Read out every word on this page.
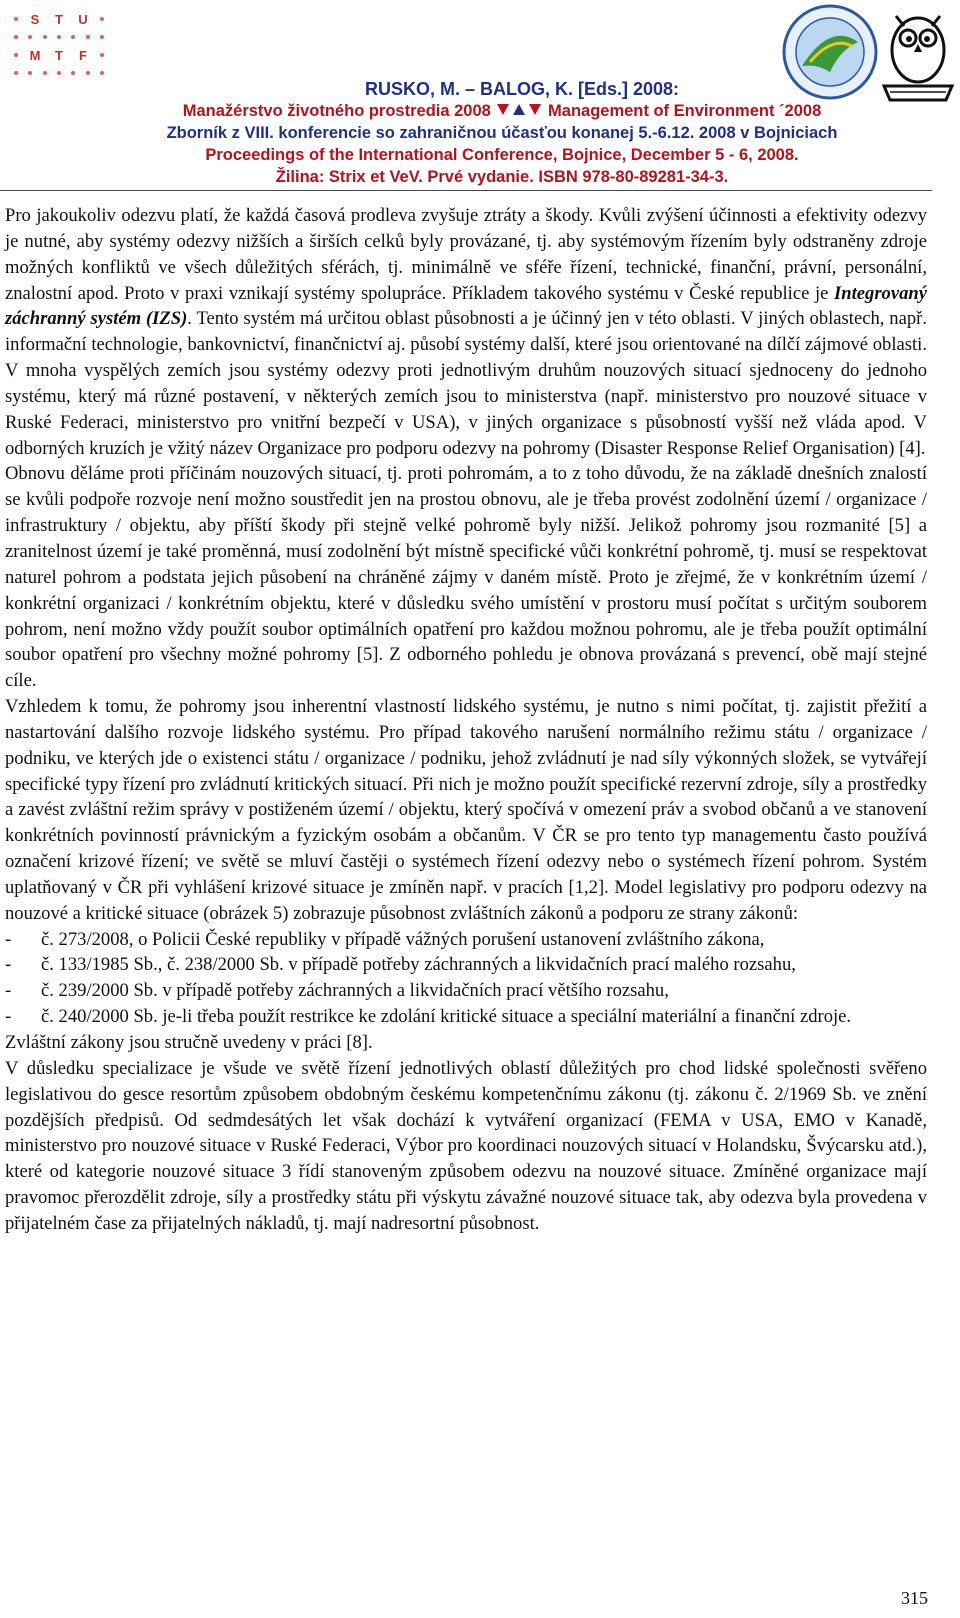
S T U
M T F
RUSKO, M. – BALOG, K. [Eds.] 2008:
Manažérstvo životného prostredia 2008	Management of Environment ´2008
Zborník z VIII. konferencie so zahraničnou účasťou konanej 5.-6.12. 2008 v Bojniciach
Proceedings of the International Conference, Bojnice, December 5 - 6, 2008.
Žilina: Strix et VeV. Prvé vydanie. ISBN 978-80-89281-34-3.

Pro jakoukoliv odezvu platí, že každá časová prodleva zvyšuje ztráty a škody. Kvůli zvýšení účinnosti a efektivity odezvy je nutné, aby systémy odezvy nižších a širších celků byly provázané, tj. aby systémovým řízením byly odstraněny zdroje možných konfliktů ve všech důležitých sférách, tj. minimálně ve sféře řízení, technické, finanční, právní, personální, znalostní apod. Proto v praxi vznikají systémy spolupráce. Příkladem takového systému v České republice je Integrovaný záchranný systém (IZS). Tento systém má určitou oblast působnosti a je účinný jen v této oblasti. V jiných oblastech, např. informační technologie, bankovnictví, finančnictví aj. působí systémy další, které jsou orientované na dílčí zájmové oblasti. V mnoha vyspělých zemích jsou systémy odezvy proti jednotlivým druhům nouzových situací sjednoceny do jednoho systému, který má různé postavení, v některých zemích jsou to ministerstva (např. ministerstvo pro nouzové situace v Ruské Federaci, ministerstvo pro vnitřní bezpečí v USA), v jiných organizace s působností vyšší než vláda apod. V odborných kruzích je vžitý název Organizace pro podporu odezvy na pohromy (Disaster Response Relief Organisation) [4].

Obnovu děláme proti příčinám nouzových situací, tj. proti pohromám, a to z toho důvodu, že na základě dnešních znalostí se kvůli podpoře rozvoje není možno soustředit jen na prostou obnovu, ale je třeba provést zodolnění území / organizace / infrastruktury / objektu, aby příští škody při stejně velké pohromě byly nižší. Jelikož pohromy jsou rozmanité [5] a zranitelnost území je také proměnná, musí zodolnění být místně specifické vůči konkrétní pohromě, tj. musí se respektovat naturel pohrom a podstata jejich působení na chráněné zájmy v daném místě. Proto je zřejmé, že v konkrétním území / konkrétní organizaci / konkrétním objektu, které v důsledku svého umístění v prostoru musí počítat s určitým souborem pohrom, není možno vždy použít soubor optimálních opatření pro každou možnou pohromu, ale je třeba použít optimální soubor opatření pro všechny možné pohromy [5]. Z odborného pohledu je obnova provázaná s prevencí, obě mají stejné cíle.

Vzhledem k tomu, že pohromy jsou inherentní vlastností lidského systému, je nutno s nimi počítat, tj. zajistit přežití a nastartování dalšího rozvoje lidského systému. Pro případ takového narušení normálního režimu státu / organizace / podniku, ve kterých jde o existenci státu / organizace / podniku, jehož zvládnutí je nad síly výkonných složek, se vytvářejí specifické typy řízení pro zvládnutí kritických situací. Při nich je možno použít specifické rezervní zdroje, síly a prostředky a zavést zvláštní režim správy v postiženém území / objektu, který spočívá v omezení práv a svobod občanů a ve stanovení konkrétních povinností právnickým a fyzickým osobám a občanům. V ČR se pro tento typ managementu často používá označení krizové řízení; ve světě se mluví častěji o systémech řízení odezvy nebo o systémech řízení pohrom. Systém uplatňovaný v ČR při vyhlášení krizové situace je zmíněn např. v pracích [1,2]. Model legislativy pro podporu odezvy na nouzové a kritické situace (obrázek 5) zobrazuje působnost zvláštních zákonů a podporu ze strany zákonů:

- č. 273/2008, o Policii České republiky v případě vážných porušení ustanovení zvláštního zákona,
- č. 133/1985 Sb., č. 238/2000 Sb. v případě potřeby záchranných a likvidačních prací malého rozsahu,
- č. 239/2000 Sb. v případě potřeby záchranných a likvidačních prací většího rozsahu,
- č. 240/2000 Sb. je-li třeba použít restrikce ke zdolání kritické situace a speciální materiální a finanční zdroje.

Zvláštní zákony jsou stručně uvedeny v práci [8].

V důsledku specializace je všude ve světě řízení jednotlivých oblastí důležitých pro chod lidské společnosti svěřeno legislativou do gesce resortům způsobem obdobným českému kompetenčnímu zákonu (tj. zákonu č. 2/1969 Sb. ve znění pozdějších předpisů. Od sedmdesátých let však dochází k vytváření organizací (FEMA v USA, EMO v Kanadě, ministerstvo pro nouzové situace v Ruské Federaci, Výbor pro koordinaci nouzových situací v Holandsku, Švýcarsku atd.), které od kategorie nouzové situace 3 řídí stanoveným způsobem odezvu na nouzové situace. Zmíněné organizace mají pravomoc přerozdělit zdroje, síly a prostředky státu při výskytu závažné nouzové situace tak, aby odezva byla provedena v přijatelném čase za přijatelných nákladů, tj. mají nadresortní působnost.

315
